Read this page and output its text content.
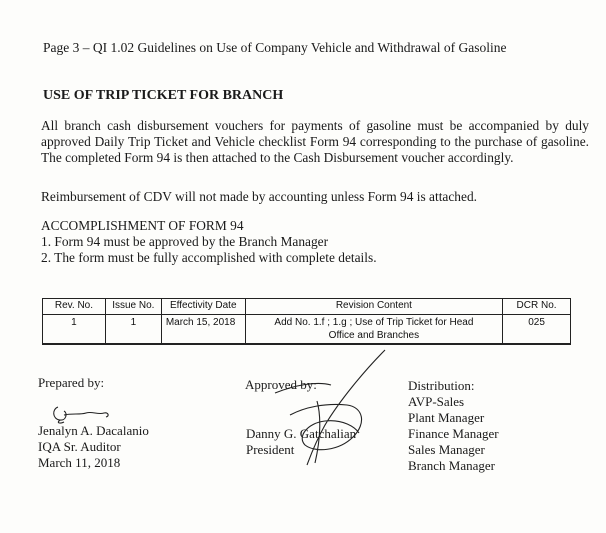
Page 3 – QI 1.02 Guidelines on Use of Company Vehicle and Withdrawal of Gasoline
USE OF TRIP TICKET FOR BRANCH

All branch cash disbursement vouchers for payments of gasoline must be accompanied by duly approved Daily Trip Ticket and Vehicle checklist Form 94 corresponding to the purchase of gasoline. The completed Form 94 is then attached to the Cash Disbursement voucher accordingly.

Reimbursement of CDV will not made by accounting unless Form 94 is attached.
ACCOMPLISHMENT OF FORM 94
1. Form 94 must be approved by the Branch Manager
2. The form must be fully accomplished with complete details.
Rev. No.	Issue No.	Effectivity Date	Revision Content	DCR No.
1	1	March 15, 2018	Add No. 1.f ; 1.g ; Use of Trip Ticket for Head
Office and Branches	025
Prepared by:
Jenalyn A. Dacalanio
IQA Sr. Auditor
March 11, 2018
Approved by:
Danny G. Gatchalian
President
Distribution:
AVP-Sales
Plant Manager
Finance Manager
Sales Manager
Branch Manager
